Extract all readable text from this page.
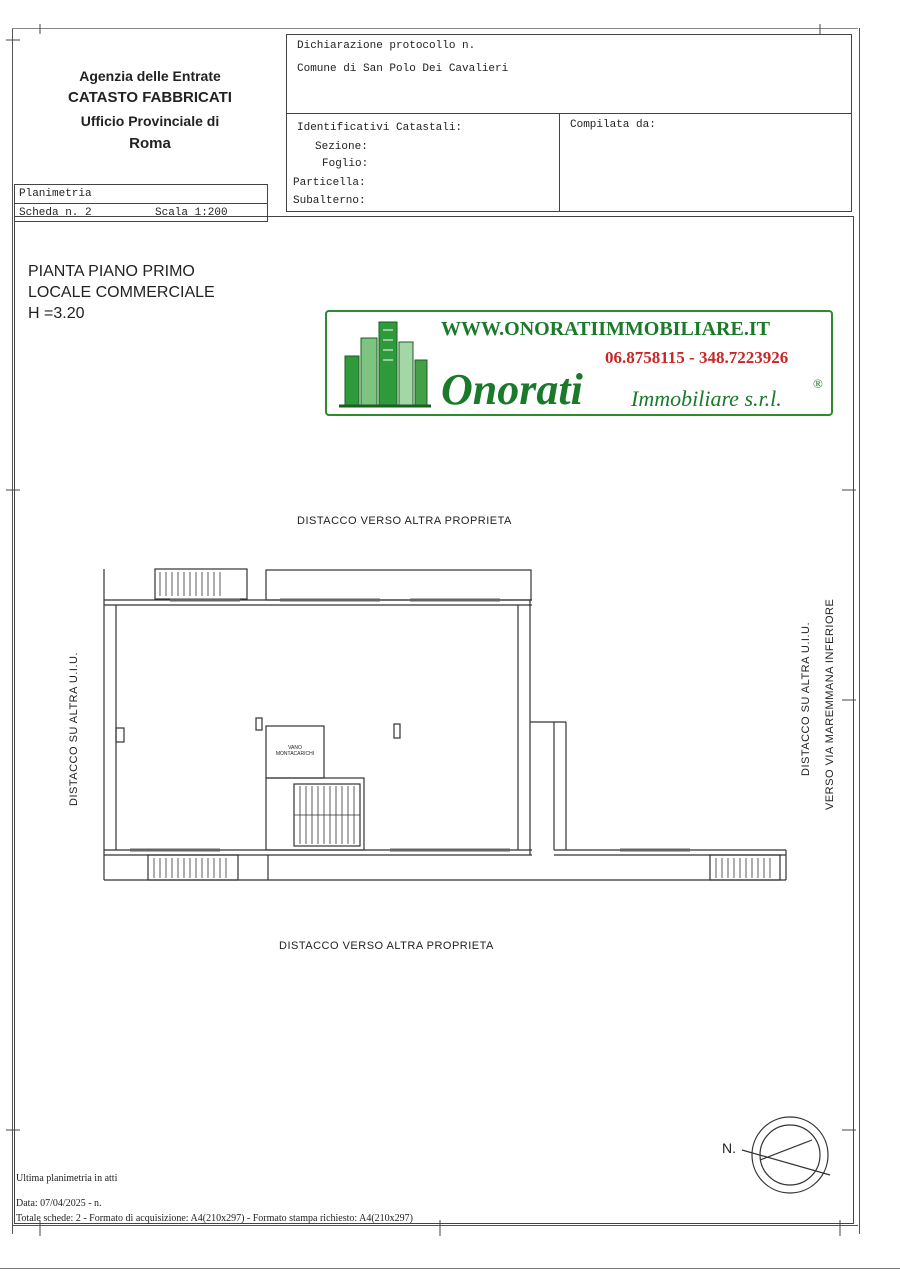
Agenzia delle Entrate
CATASTO FABBRICATI
Ufficio Provinciale di
Roma
Dichiarazione protocollo n.
Comune di San Polo Dei Cavalieri
Identificativi Catastali:
Sezione:
Foglio:
Particella:
Subalterno:
Compilata da:
Planimetria
Scheda n. 2	Scala 1:200
PIANTA PIANO PRIMO
LOCALE COMMERCIALE
H =3.20
WWW.ONORATIIMMOBILIARE.IT
06.8758115 - 348.7223926
Onorati Immobiliare s.r.l.
®
DISTACCO VERSO ALTRA PROPRIETA
DISTACCO VERSO ALTRA PROPRIETA
DISTACCO SU ALTRA U.I.U.	DISTACCO SU ALTRA U.I.U. VERSO VIA MAREMMANA INFERIORE
VANO
MONTACARICHI
N.
Ultima planimetria in atti
Data: 07/04/2025 - n.
Totale schede: 2 - Formato di acquisizione: A4(210x297) - Formato stampa richiesto: A4(210x297)
